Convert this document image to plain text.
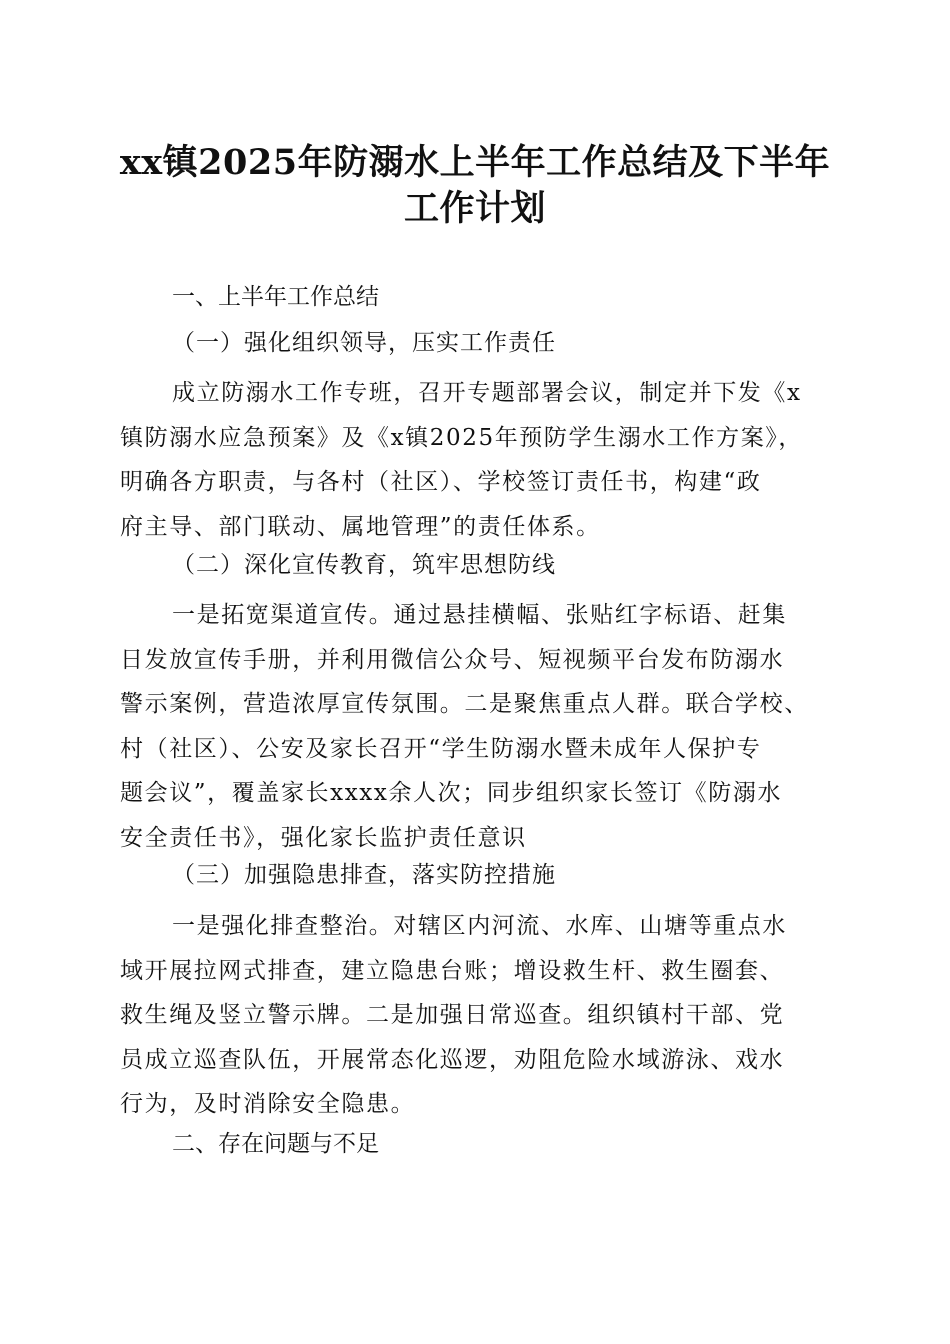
xx镇2025年防溺水上半年工作总结及下半年
工作计划
一、上半年工作总结
（一）强化组织领导，压实工作责任
成立防溺水工作专班，召开专题部署会议，制定并下发《x
镇防溺水应急预案》及《x镇2025年预防学生溺水工作方案》，
明确各方职责，与各村（社区）、学校签订责任书，构建“政
府主导、部门联动、属地管理”的责任体系。
（二）深化宣传教育，筑牢思想防线
一是拓宽渠道宣传。通过悬挂横幅、张贴红字标语、赶集
日发放宣传手册，并利用微信公众号、短视频平台发布防溺水
警示案例，营造浓厚宣传氛围。二是聚焦重点人群。联合学校、
村（社区）、公安及家长召开“学生防溺水暨未成年人保护专
题会议”，覆盖家长xxxx余人次；同步组织家长签订《防溺水
安全责任书》，强化家长监护责任意识
（三）加强隐患排查，落实防控措施
一是强化排查整治。对辖区内河流、水库、山塘等重点水
域开展拉网式排查，建立隐患台账；增设救生杆、救生圈套、
救生绳及竖立警示牌。二是加强日常巡查。组织镇村干部、党
员成立巡查队伍，开展常态化巡逻，劝阻危险水域游泳、戏水
行为，及时消除安全隐患。
二、存在问题与不足
